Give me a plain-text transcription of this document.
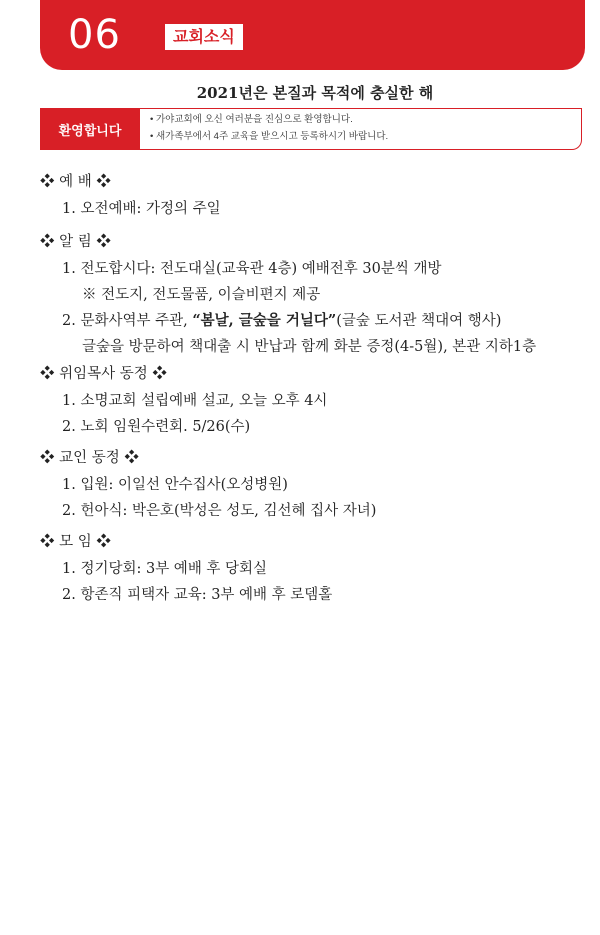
06	교회소식
2021년은 본질과 목적에 충실한 해
환영합니다
• 가야교회에 오신 여러분을 진심으로 환영합니다.
• 새가족부에서 4주 교육을 받으시고 등록하시기 바랍니다.
❖ 예 배 ❖
1. 오전예배: 가정의 주일
❖ 알 림 ❖
1. 전도합시다: 전도대실(교육관 4층) 예배전후 30분씩 개방
※ 전도지, 전도물품, 이슬비편지 제공
2. 문화사역부 주관, “봄날, 글숲을 거닐다”(글숲 도서관 책대여 행사)
글숲을 방문하여 책대출 시 반납과 함께 화분 증정(4-5월), 본관 지하1층
❖ 위임목사 동정 ❖
1. 소명교회 설립예배 설교, 오늘 오후 4시
2. 노회 임원수련회. 5/26(수)
❖ 교인 동정 ❖
1. 입원: 이일선 안수집사(오성병원)
2. 헌아식: 박은호(박성은 성도, 김선혜 집사 자녀)
❖ 모 임 ❖
1. 정기당회: 3부 예배 후 당회실
2. 항존직 피택자 교육: 3부 예배 후 로뎀홀
